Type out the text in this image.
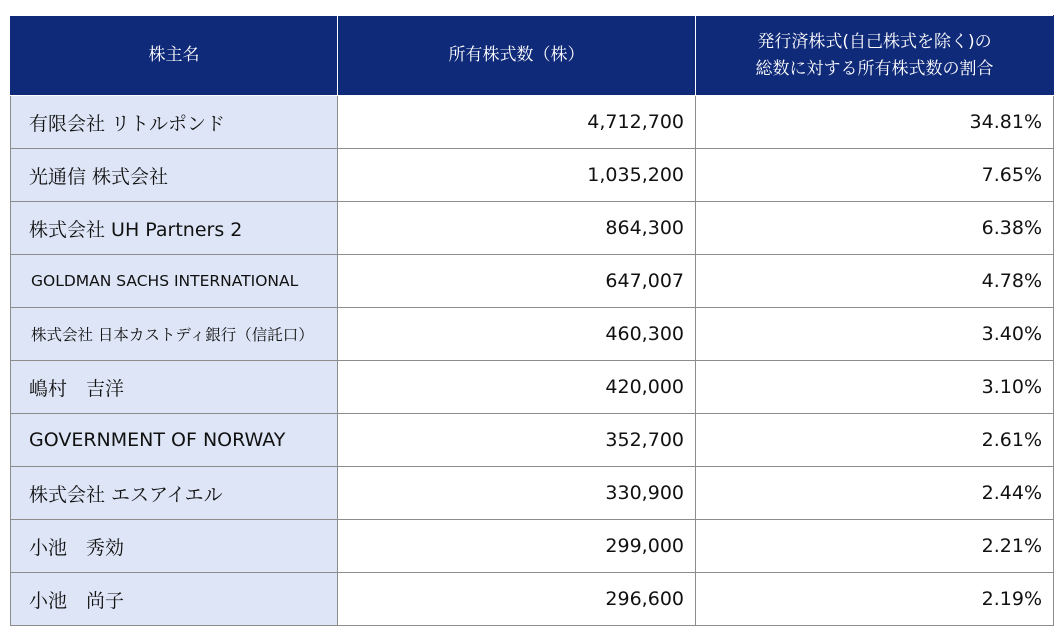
株主名	所有株式数（株）	発行済株式(自己株式を除く)の
総数に対する所有株式数の割合

有限会社 リトルポンド	4,712,700	34.81%
光通信 株式会社	1,035,200	7.65%
株式会社 UH Partners 2	864,300	6.38%
GOLDMAN SACHS INTERNATIONAL	647,007	4.78%
株式会社 日本カストディ銀行（信託口）	460,300	3.40%
嶋村　吉洋	420,000	3.10%
GOVERNMENT OF NORWAY	352,700	2.61%
株式会社 エスアイエル	330,900	2.44%
小池　秀効	299,000	2.21%
小池　尚子	296,600	2.19%
